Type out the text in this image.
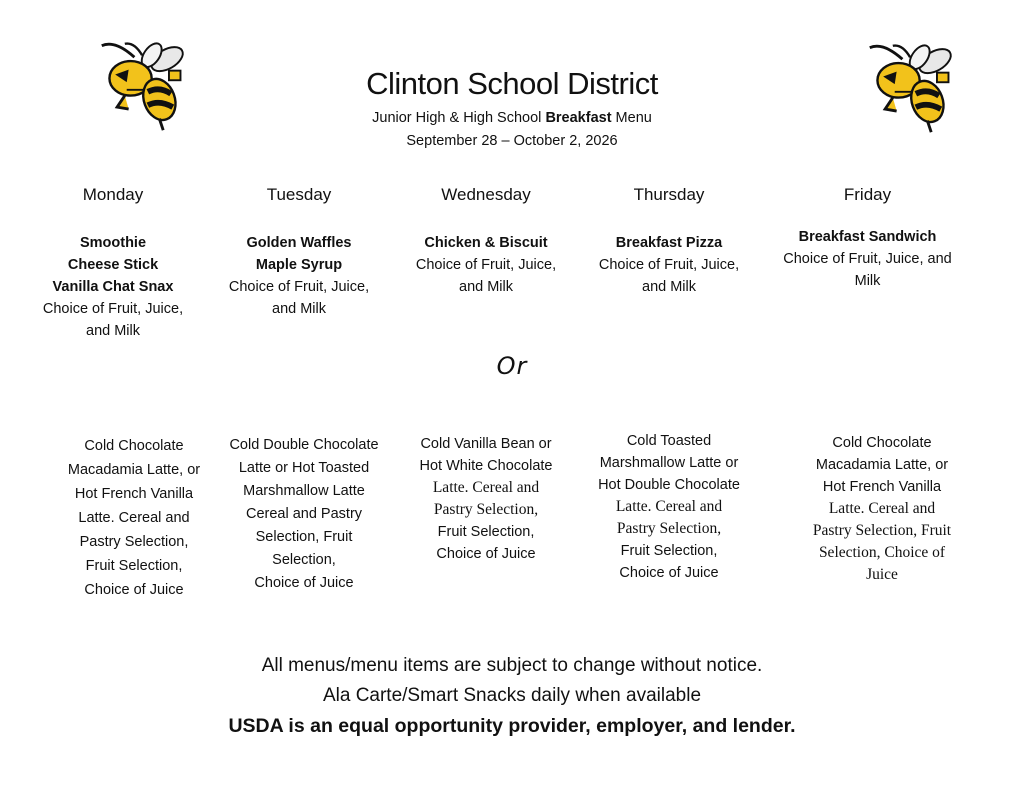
Clinton School District
Junior High & High School Breakfast Menu
September 28 – October 2, 2026
Monday
Smoothie
Cheese Stick
Vanilla Chat Snax
Choice of Fruit, Juice,
and Milk
Tuesday
Golden Waffles
Maple Syrup
Choice of Fruit, Juice,
and Milk
Wednesday
Chicken & Biscuit
Choice of Fruit, Juice,
and Milk
Thursday
Breakfast Pizza
Choice of Fruit, Juice,
and Milk
Friday
Breakfast Sandwich
Choice of Fruit, Juice, and
Milk
Or
Cold Chocolate
Macadamia Latte, or
Hot French Vanilla
Latte. Cereal and
Pastry Selection,
Fruit Selection,
Choice of Juice
Cold Double Chocolate
Latte or Hot Toasted
Marshmallow Latte
Cereal and Pastry
Selection, Fruit
Selection,
Choice of Juice
Cold Vanilla Bean or
Hot White Chocolate
Latte. Cereal and
Pastry Selection,
Fruit Selection,
Choice of Juice
Cold Toasted
Marshmallow Latte or
Hot Double Chocolate
Latte. Cereal and
Pastry Selection,
Fruit Selection,
Choice of Juice
Cold Chocolate
Macadamia Latte, or
Hot French Vanilla
Latte. Cereal and
Pastry Selection, Fruit
Selection, Choice of
Juice
All menus/menu items are subject to change without notice.
Ala Carte/Smart Snacks daily when available
USDA is an equal opportunity provider, employer, and lender.
